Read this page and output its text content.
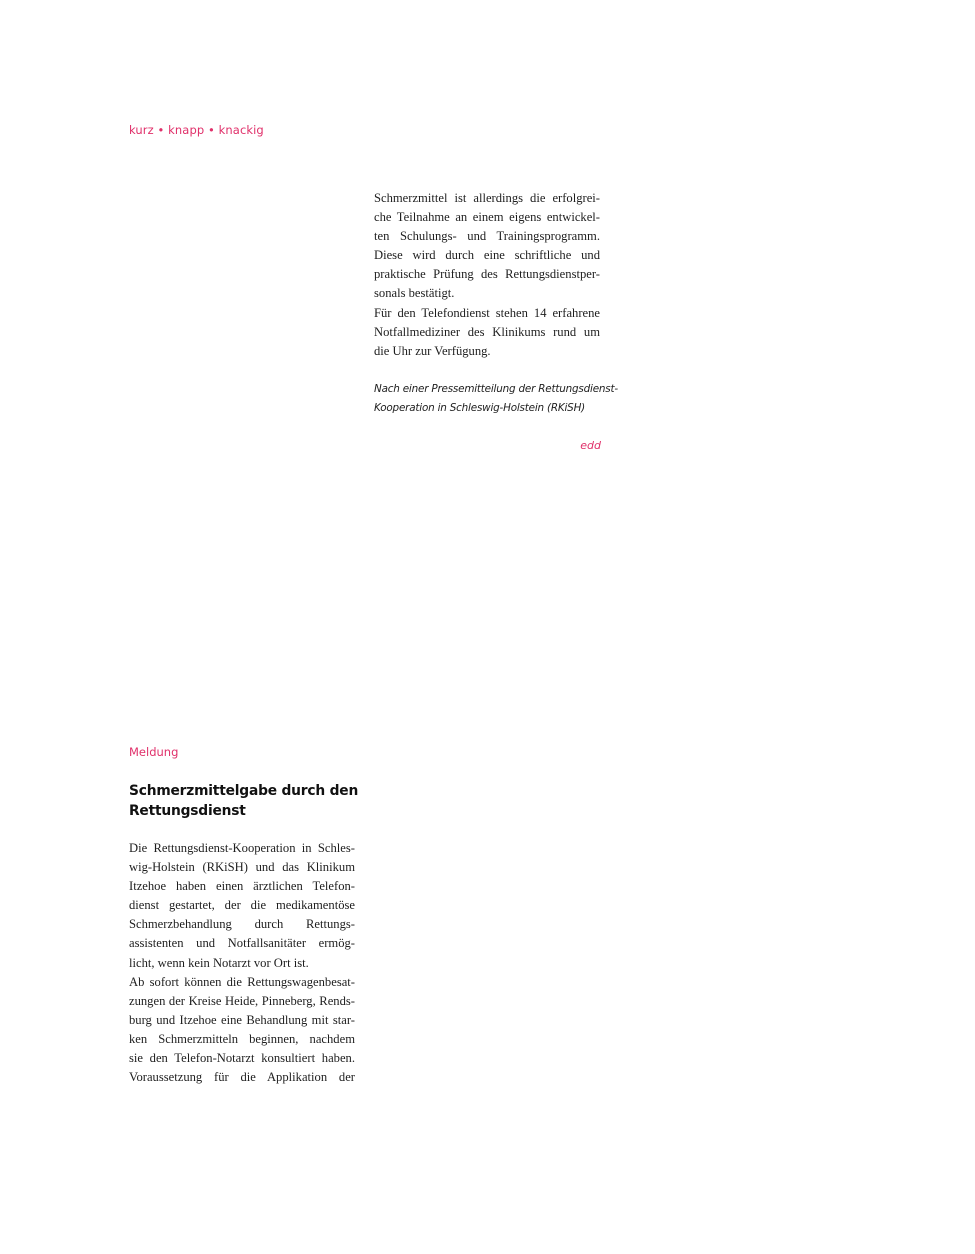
kurz • knapp • knackig
Schmerzmittel ist allerdings die erfolgrei-
che Teilnahme an einem eigens entwickel-
ten Schulungs- und Trainingsprogramm.
Diese wird durch eine schriftliche und
praktische Prüfung des Rettungsdienstper-
sonals bestätigt.
Für den Telefondienst stehen 14 erfahrene
Notfallmediziner des Klinikums rund um
die Uhr zur Verfügung.
Nach einer Pressemitteilung der Rettungsdienst-
Kooperation in Schleswig-Holstein (RKiSH)
edd
Meldung
Schmerzmittelgabe durch den
Rettungsdienst
Die Rettungsdienst-Kooperation in Schles-
wig-Holstein (RKiSH) und das Klinikum
Itzehoe haben einen ärztlichen Telefon-
dienst gestartet, der die medikamentöse
Schmerzbehandlung durch Rettungs-
assistenten und Notfallsanitäter ermög-
licht, wenn kein Notarzt vor Ort ist.
Ab sofort können die Rettungswagenbesat-
zungen der Kreise Heide, Pinneberg, Rends-
burg und Itzehoe eine Behandlung mit star-
ken Schmerzmitteln beginnen, nachdem
sie den Telefon-Notarzt konsultiert haben.
Voraussetzung für die Applikation der
